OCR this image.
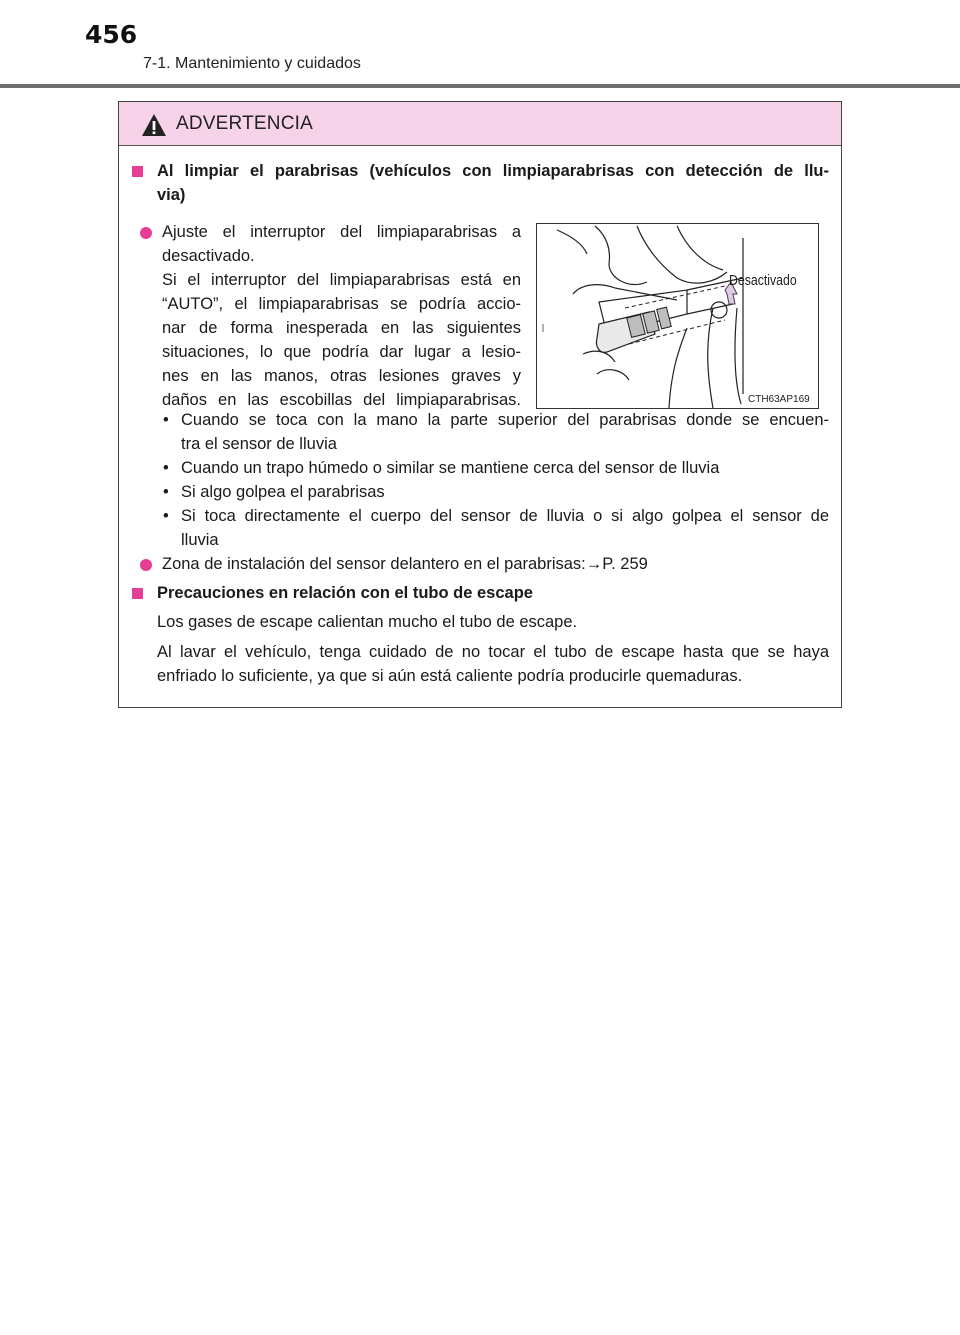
456
7-1. Mantenimiento y cuidados
ADVERTENCIA
Al limpiar el parabrisas (vehículos con limpiaparabrisas con detección de llu-
via)
Ajuste el interruptor del limpiaparabrisas a
desactivado.
Si el interruptor del limpiaparabrisas está en
“AUTO”, el limpiaparabrisas se podría accio-
nar de forma inesperada en las siguientes
situaciones, lo que podría dar lugar a lesio-
nes en las manos, otras lesiones graves y
daños en las escobillas del limpiaparabrisas.
Desactivado
CTH63AP169
• Cuando se toca con la mano la parte superior del parabrisas donde se encuen-
tra el sensor de lluvia
• Cuando un trapo húmedo o similar se mantiene cerca del sensor de lluvia
• Si algo golpea el parabrisas
• Si toca directamente el cuerpo del sensor de lluvia o si algo golpea el sensor de
lluvia
Zona de instalación del sensor delantero en el parabrisas:→P. 259
Precauciones en relación con el tubo de escape
Los gases de escape calientan mucho el tubo de escape.
Al lavar el vehículo, tenga cuidado de no tocar el tubo de escape hasta que se haya
enfriado lo suficiente, ya que si aún está caliente podría producirle quemaduras.
